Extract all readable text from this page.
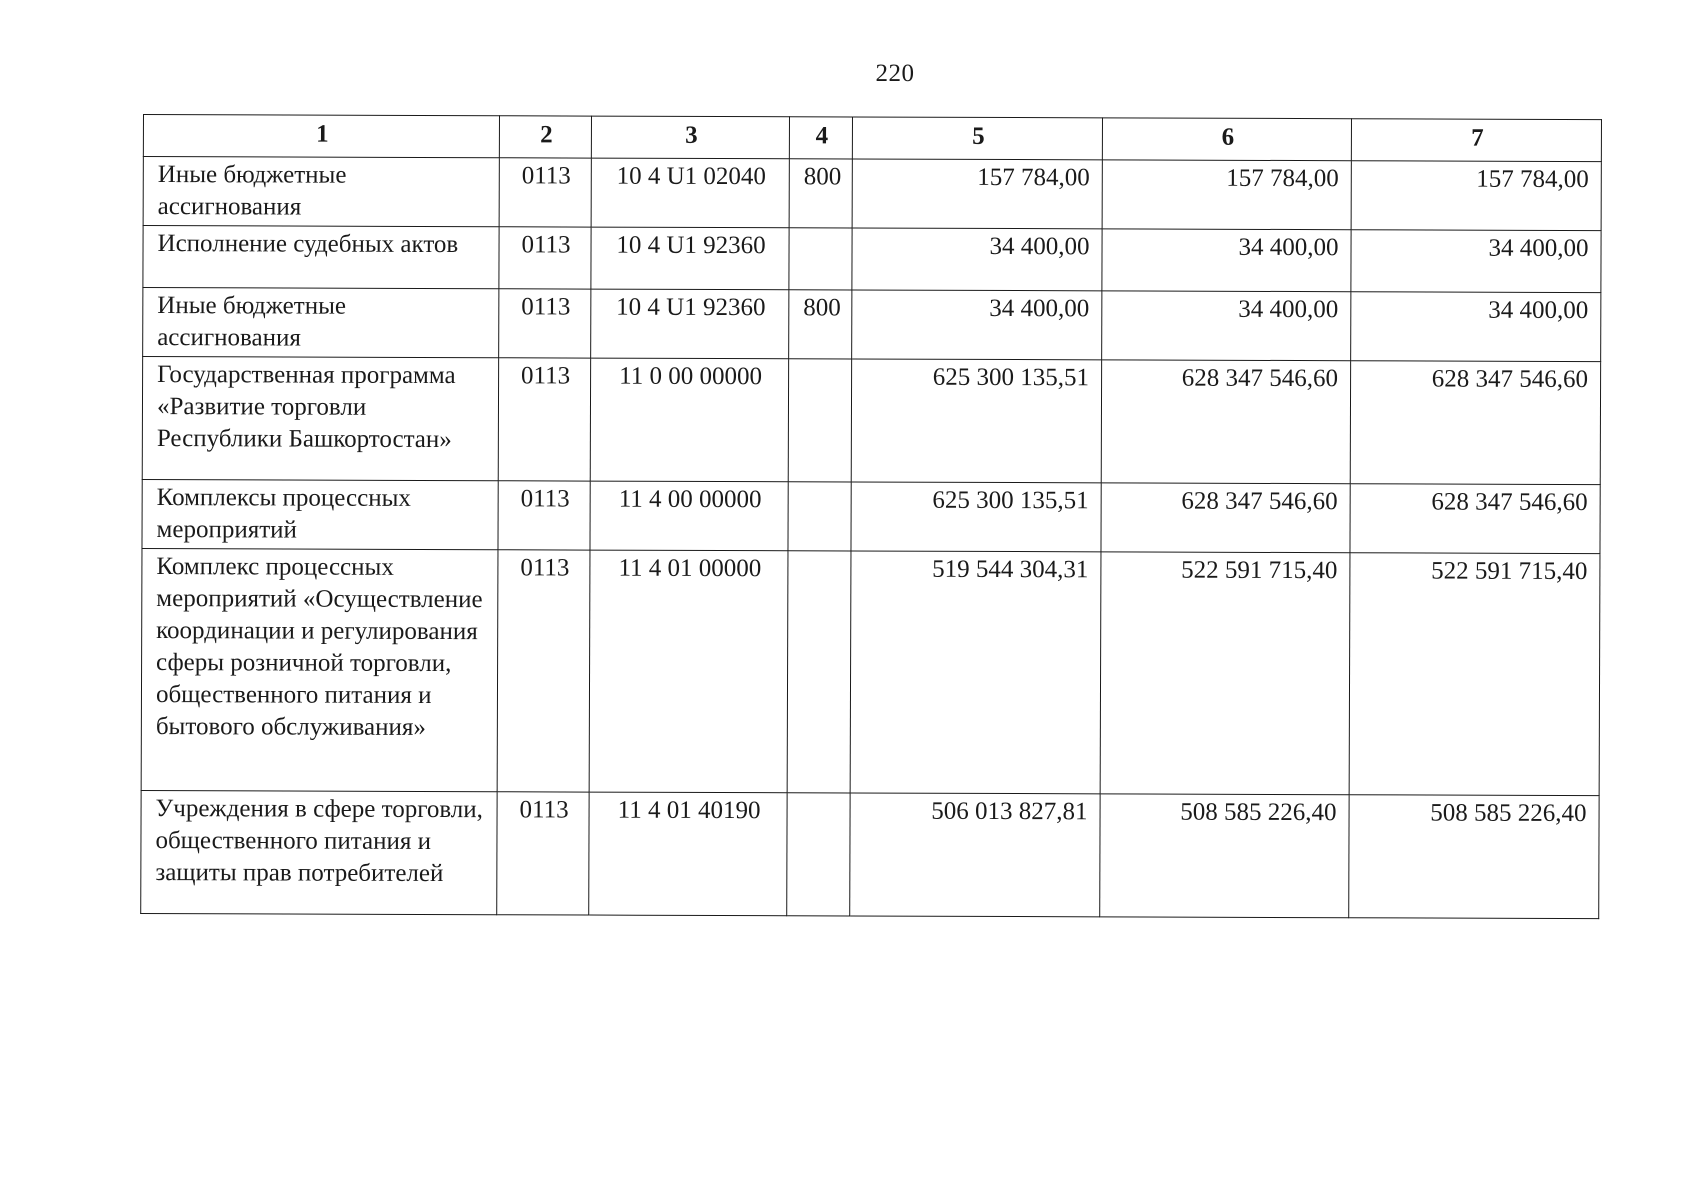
220
1	2	3	4	5	6	7
Иные бюджетные ассигнования	0113	10 4 U1 02040	800	157 784,00	157 784,00	157 784,00
Исполнение судебных актов	0113	10 4 U1 92360		34 400,00	34 400,00	34 400,00
Иные бюджетные ассигнования	0113	10 4 U1 92360	800	34 400,00	34 400,00	34 400,00
Государственная программа «Развитие торговли Республики Башкортостан»	0113	11 0 00 00000		625 300 135,51	628 347 546,60	628 347 546,60
Комплексы процессных мероприятий	0113	11 4 00 00000		625 300 135,51	628 347 546,60	628 347 546,60
Комплекс процессных мероприятий «Осуществление координации и регулирования сферы розничной торговли, общественного питания и бытового обслуживания»	0113	11 4 01 00000		519 544 304,31	522 591 715,40	522 591 715,40
Учреждения в сфере торговли, общественного питания и защиты прав потребителей	0113	11 4 01 40190		506 013 827,81	508 585 226,40	508 585 226,40
